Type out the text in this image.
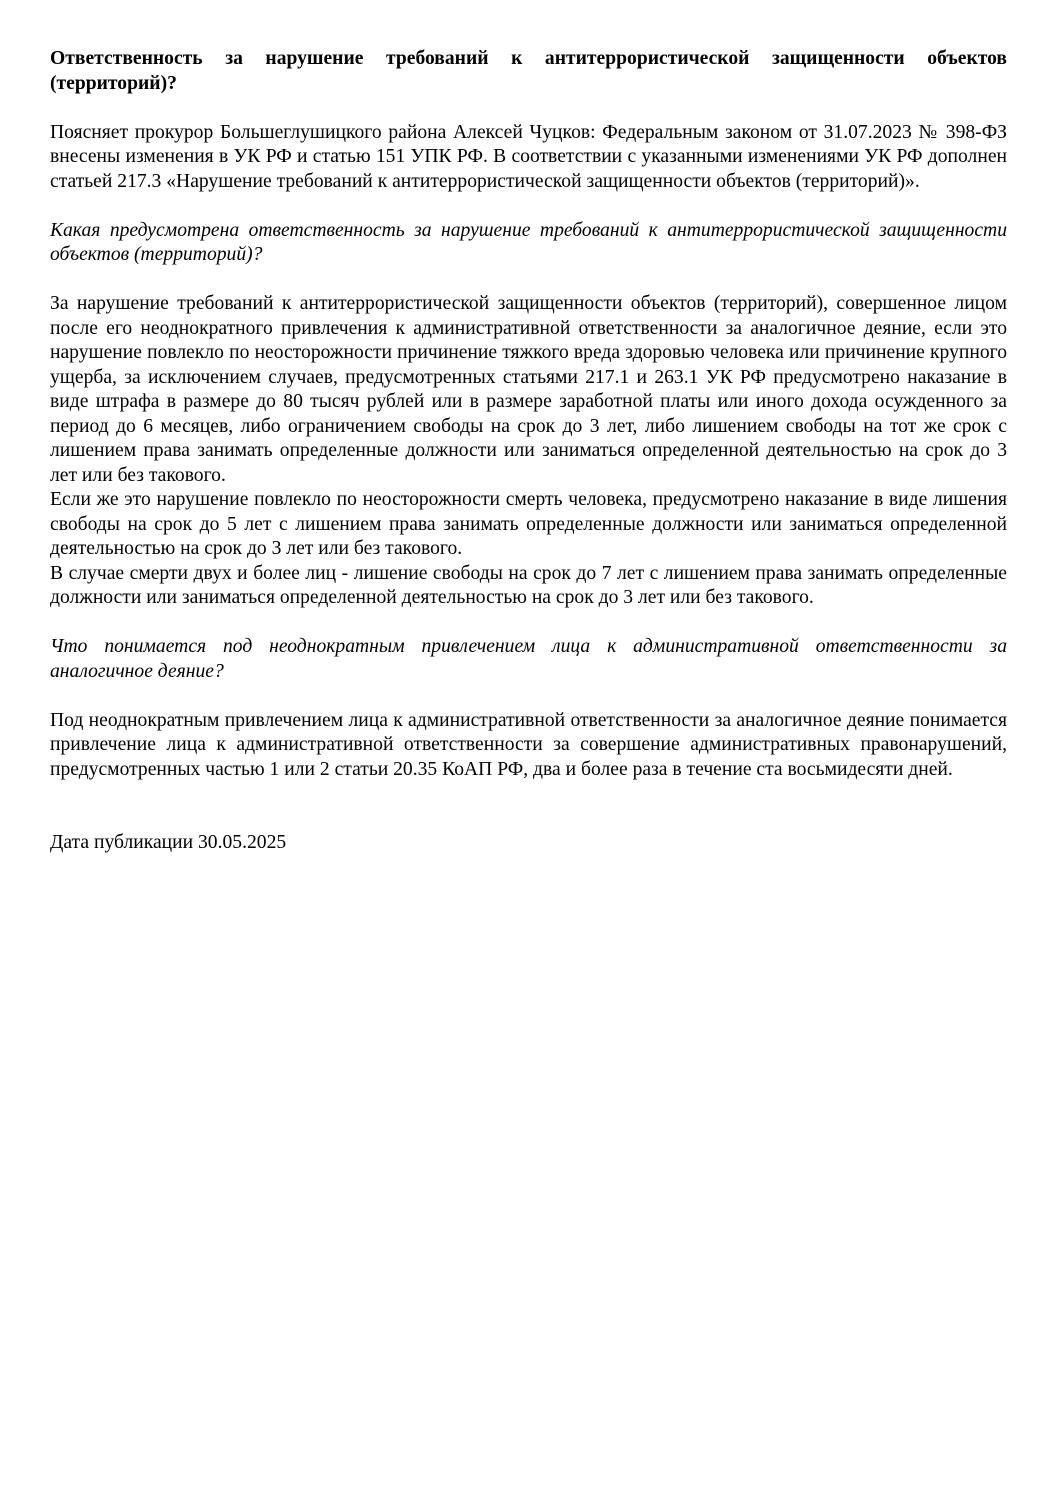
Ответственность за нарушение требований к антитеррористической защищенности объектов (территорий)?

Поясняет прокурор Большеглушицкого района Алексей Чуцков: Федеральным законом от 31.07.2023 № 398-ФЗ внесены изменения в УК РФ и статью 151 УПК РФ. В соответствии с указанными изменениями УК РФ дополнен статьей 217.3 «Нарушение требований к антитеррористической защищенности объектов (территорий)».

Какая предусмотрена ответственность за нарушение требований к антитеррористической защищенности объектов (территорий)?

За нарушение требований к антитеррористической защищенности объектов (территорий), совершенное лицом после его неоднократного привлечения к административной ответственности за аналогичное деяние, если это нарушение повлекло по неосторожности причинение тяжкого вреда здоровью человека или причинение крупного ущерба, за исключением случаев, предусмотренных статьями 217.1 и 263.1 УК РФ предусмотрено наказание в виде штрафа в размере до 80 тысяч рублей или в размере заработной платы или иного дохода осужденного за период до 6 месяцев, либо ограничением свободы на срок до 3 лет, либо лишением свободы на тот же срок с лишением права занимать определенные должности или заниматься определенной деятельностью на срок до 3 лет или без такового.

Если же это нарушение повлекло по неосторожности смерть человека, предусмотрено наказание в виде лишения свободы на срок до 5 лет с лишением права занимать определенные должности или заниматься определенной деятельностью на срок до 3 лет или без такового.

В случае смерти двух и более лиц - лишение свободы на срок до 7 лет с лишением права занимать определенные должности или заниматься определенной деятельностью на срок до 3 лет или без такового.

Что понимается под неоднократным привлечением лица к административной ответственности за аналогичное деяние?

Под неоднократным привлечением лица к административной ответственности за аналогичное деяние понимается привлечение лица к административной ответственности за совершение административных правонарушений, предусмотренных частью 1 или 2 статьи 20.35 КоАП РФ, два и более раза в течение ста восьмидесяти дней.

Дата публикации 30.05.2025
